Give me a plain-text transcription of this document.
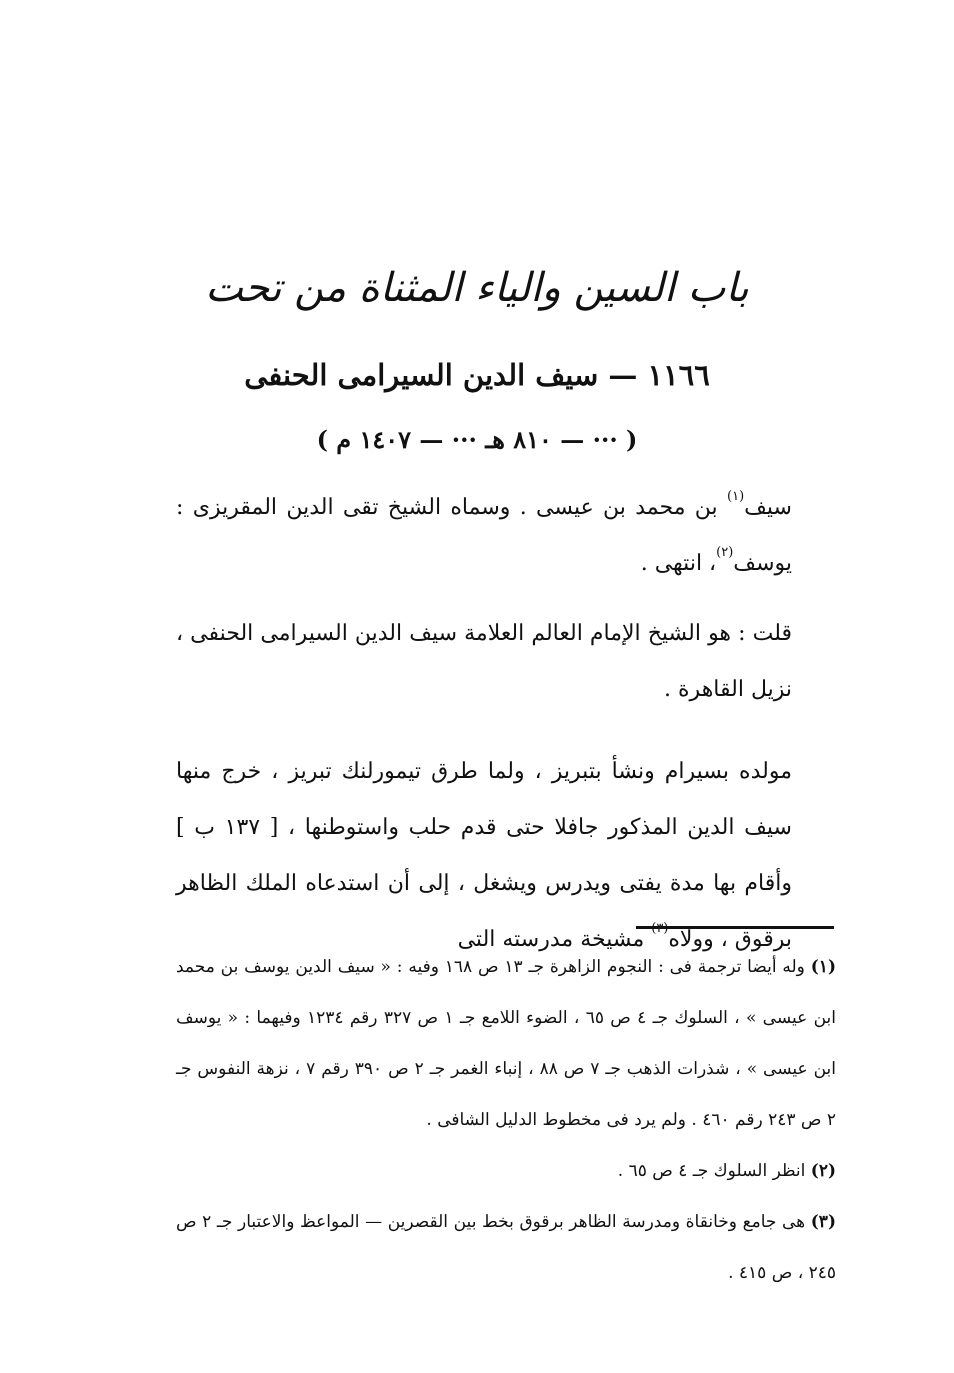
باب السين والياء المثناة من تحت
١١٦٦ — سيف الدين السيرامى الحنفى
( ··· — ٨١٠ هـ ··· — ١٤٠٧ م )
سيف$^{(١)}$ بن محمد بن عيسى . وسماه الشيخ تقى الدين المقريزى : يوسف$^{(٢)}$، انتهى .
قلت : هو الشيخ الإمام العالم العلامة سيف الدين السيرامى الحنفى ، نزيل القاهرة .
مولده بسيرام ونشأ بتبريز ، ولما طرق تيمورلنك تبريز ، خرج منها سيف الدين المذكور جافلا حتى قدم حلب واستوطنها ، [ ١٣٧ ب ] وأقام بها مدة يفتى ويدرس ويشغل ، إلى أن استدعاه الملك الظاهر برقوق ، وولاه$^{(٣)}$ مشيخة مدرسته التى

(١) وله أيضا ترجمة فى : النجوم الزاهرة جـ ١٣ ص ١٦٨ وفيه : « سيف الدين يوسف بن محمد ابن عيسى » ، السلوك جـ ٤ ص ٦٥ ، الضوء اللامع جـ ١ ص ٣٢٧ رقم ١٢٣٤ وفيهما : « يوسف ابن عيسى » ، شذرات الذهب جـ ٧ ص ٨٨ ، إنباء الغمر جـ ٢ ص ٣٩٠ رقم ٧ ، نزهة النفوس جـ ٢ ص ٢٤٣ رقم ٤٦٠ . ولم يرد فى مخطوط الدليل الشافى .

(٢) انظر السلوك جـ ٤ ص ٦٥ .

(٣) هى جامع وخانقاة ومدرسة الظاهر برقوق بخط بين القصرين — المواعظ والاعتبار جـ ٢ ص ٢٤٥ ، ص ٤١٥ .
